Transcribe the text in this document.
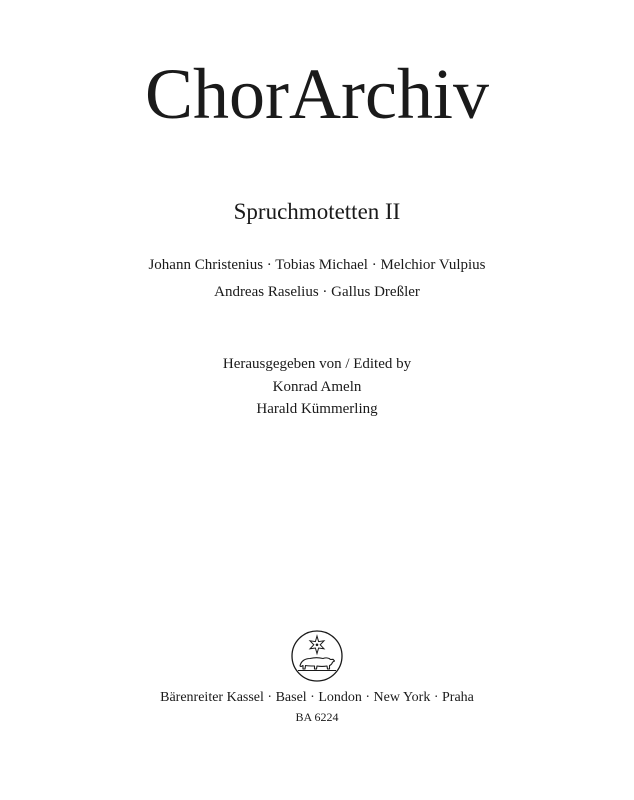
ChorArchiv
Spruchmotetten II
Johann Christenius · Tobias Michael · Melchior Vulpius
Andreas Raselius · Gallus Dreßler
Herausgegeben von / Edited by
Konrad Ameln
Harald Kümmerling
Bärenreiter Kassel · Basel · London · New York · Praha
BA 6224
